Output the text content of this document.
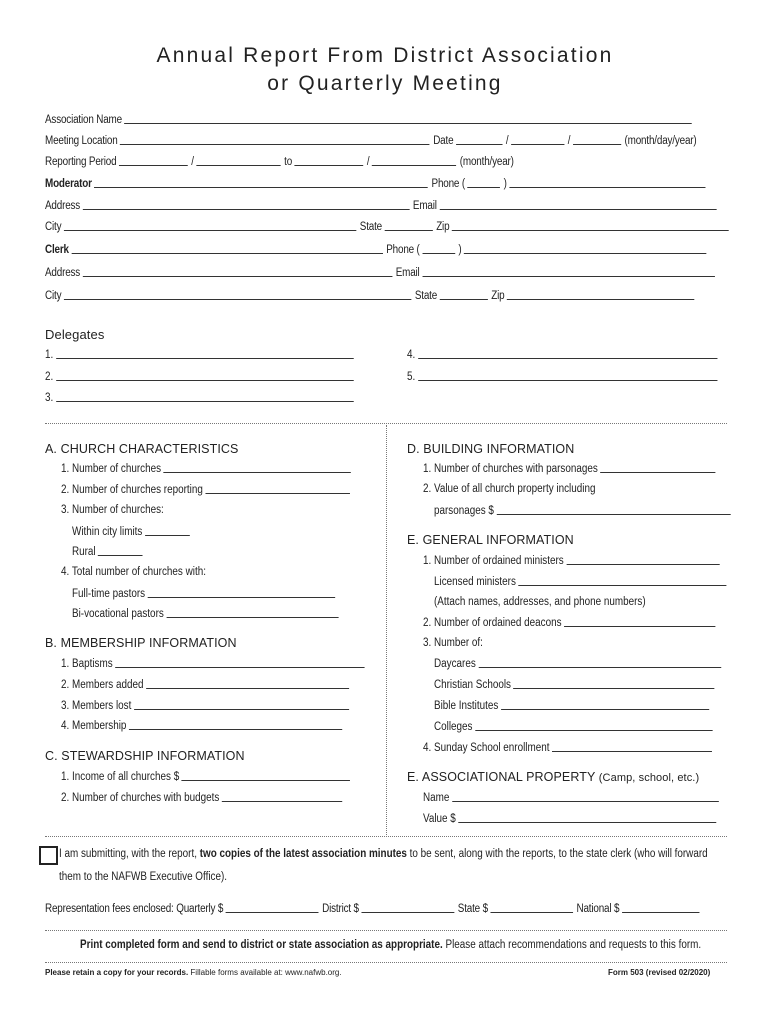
Annual Report From District Association
or Quarterly Meeting
Association Name
Meeting Location	Date	/	/	(month/day/year)
Reporting Period	/	to	/	(month/year)
Moderator	Phone (	)
Address	Email
City	State	Zip
Clerk	Phone (	)
Address	Email
City	State	Zip
Delegates
1.
2.
3.
4.
5.
A. CHURCH CHARACTERISTICS
1. Number of churches
2. Number of churches reporting
3. Number of churches:
Within city limits
Rural
4. Total number of churches with:
Full-time pastors
Bi-vocational pastors
B. MEMBERSHIP INFORMATION
1. Baptisms
2. Members added
3. Members lost
4. Membership
C. STEWARDSHIP INFORMATION
1. Income of all churches $
2. Number of churches with budgets
D. BUILDING INFORMATION
1. Number of churches with parsonages
2. Value of all church property including
parsonages $
E. GENERAL INFORMATION
1. Number of ordained ministers
Licensed ministers
(Attach names, addresses, and phone numbers)
2. Number of ordained deacons
3. Number of:
Daycares
Christian Schools
Bible Institutes
Colleges
4. Sunday School enrollment
E. ASSOCIATIONAL PROPERTY (Camp, school, etc.)
Name
Value $
I am submitting, with the report,
two copies of the latest association minutes
to be sent, along with the reports, to the state clerk (who will forward
them to the NAFWB Executive Office).
Representation fees enclosed: Quarterly $	District $	State $	National $
Print completed form and send to district or state association as appropriate.
Please attach recommendations and requests to this form.
Please retain a copy for your records. Fillable forms available at: www.nafwb.org.	Form 503 (revised 02/2020)
